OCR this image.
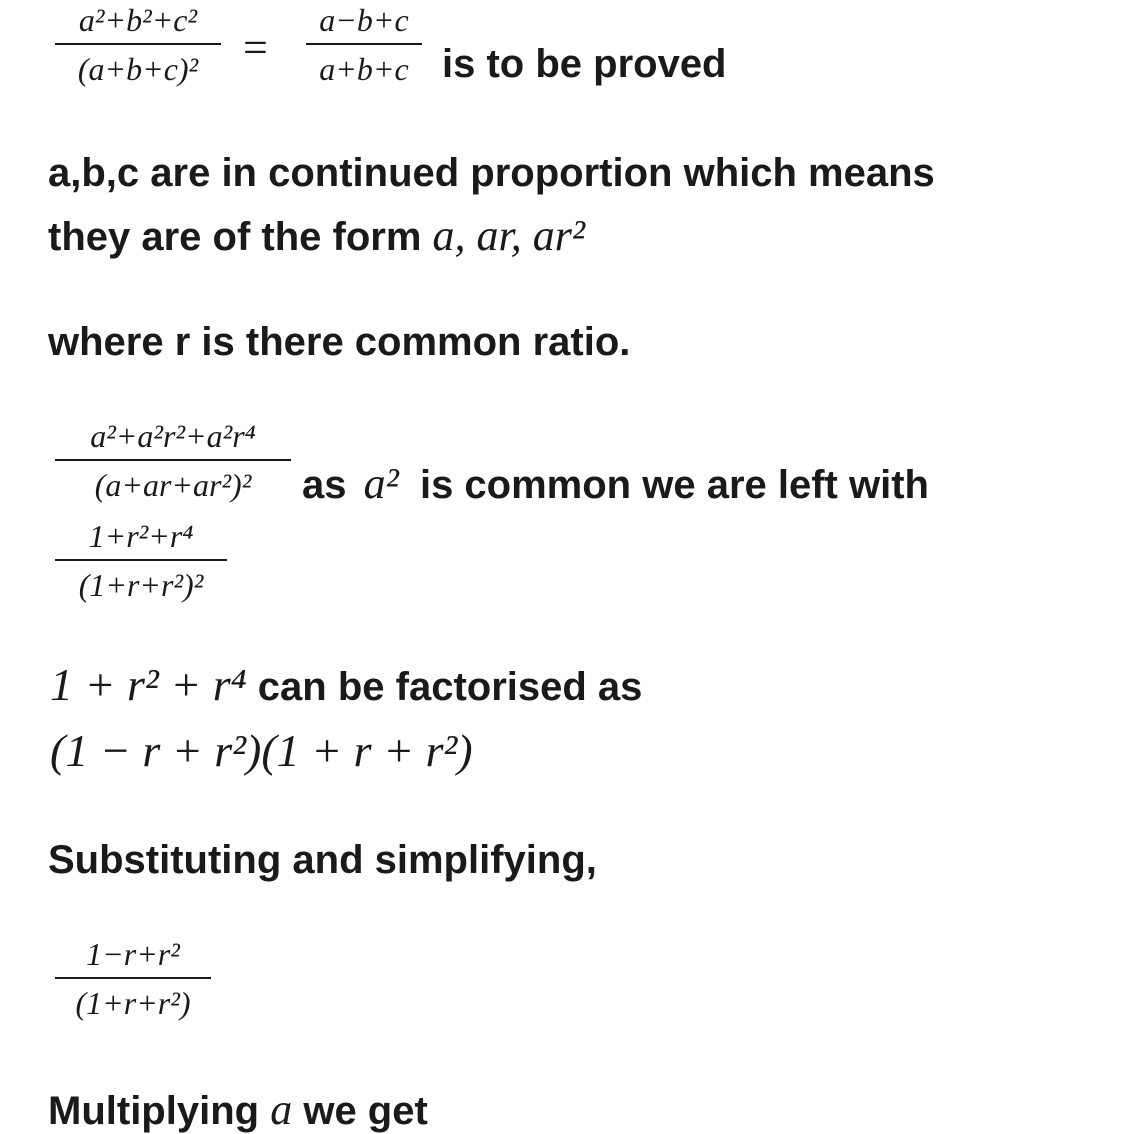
a²+b²+c²
(a+b+c)²	=
a−b+c
a+b+c is to be proved
a,b,c are in continued proportion which means
they are of the form a, ar, ar²
where r is there common ratio.
a²+a²r²+a²r⁴
(a+ar+ar²)²	as a² is common we are left with
1+r²+r⁴
(1+r+r²)²
1 + r² + r⁴ can be factorised as
(1 − r + r²)(1 + r + r²)
Substituting and simplifying,
1−r+r²
(1+r+r²)
Multiplying a we get
